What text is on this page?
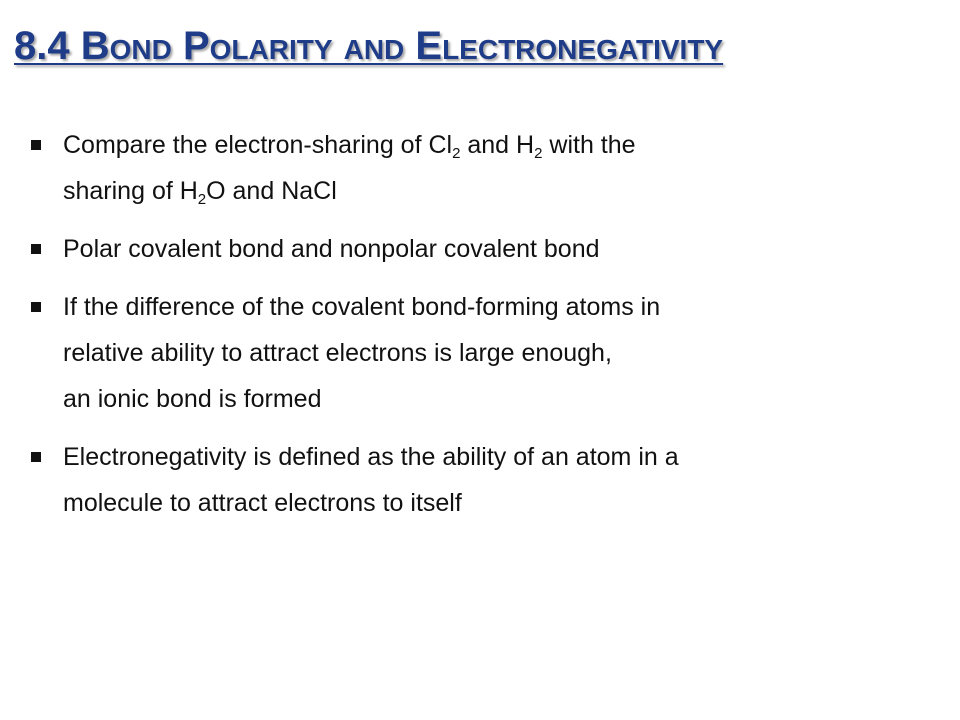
8.4 Bond Polarity and Electronegativity
Compare the electron-sharing of $Cl_2$ and $H_2$ with the
sharing of $H_2O$ and NaCl
Polar covalent bond and nonpolar covalent bond
If the difference of the covalent bond-forming atoms in
relative ability to attract electrons is large enough,
an ionic bond is formed
Electronegativity is defined as the ability of an atom in a
molecule to attract electrons to itself
